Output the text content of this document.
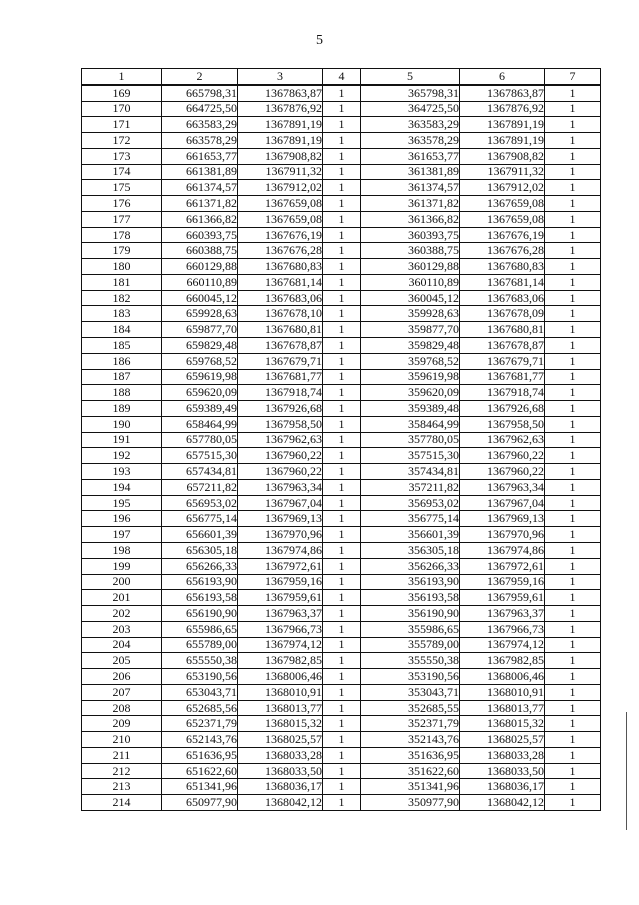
5
1	2	3	4	5	6	7
169	665798,31	1367863,87	1	365798,31	1367863,87	1
170	664725,50	1367876,92	1	364725,50	1367876,92	1
171	663583,29	1367891,19	1	363583,29	1367891,19	1
172	663578,29	1367891,19	1	363578,29	1367891,19	1
173	661653,77	1367908,82	1	361653,77	1367908,82	1
174	661381,89	1367911,32	1	361381,89	1367911,32	1
175	661374,57	1367912,02	1	361374,57	1367912,02	1
176	661371,82	1367659,08	1	361371,82	1367659,08	1
177	661366,82	1367659,08	1	361366,82	1367659,08	1
178	660393,75	1367676,19	1	360393,75	1367676,19	1
179	660388,75	1367676,28	1	360388,75	1367676,28	1
180	660129,88	1367680,83	1	360129,88	1367680,83	1
181	660110,89	1367681,14	1	360110,89	1367681,14	1
182	660045,12	1367683,06	1	360045,12	1367683,06	1
183	659928,63	1367678,10	1	359928,63	1367678,09	1
184	659877,70	1367680,81	1	359877,70	1367680,81	1
185	659829,48	1367678,87	1	359829,48	1367678,87	1
186	659768,52	1367679,71	1	359768,52	1367679,71	1
187	659619,98	1367681,77	1	359619,98	1367681,77	1
188	659620,09	1367918,74	1	359620,09	1367918,74	1
189	659389,49	1367926,68	1	359389,48	1367926,68	1
190	658464,99	1367958,50	1	358464,99	1367958,50	1
191	657780,05	1367962,63	1	357780,05	1367962,63	1
192	657515,30	1367960,22	1	357515,30	1367960,22	1
193	657434,81	1367960,22	1	357434,81	1367960,22	1
194	657211,82	1367963,34	1	357211,82	1367963,34	1
195	656953,02	1367967,04	1	356953,02	1367967,04	1
196	656775,14	1367969,13	1	356775,14	1367969,13	1
197	656601,39	1367970,96	1	356601,39	1367970,96	1
198	656305,18	1367974,86	1	356305,18	1367974,86	1
199	656266,33	1367972,61	1	356266,33	1367972,61	1
200	656193,90	1367959,16	1	356193,90	1367959,16	1
201	656193,58	1367959,61	1	356193,58	1367959,61	1
202	656190,90	1367963,37	1	356190,90	1367963,37	1
203	655986,65	1367966,73	1	355986,65	1367966,73	1
204	655789,00	1367974,12	1	355789,00	1367974,12	1
205	655550,38	1367982,85	1	355550,38	1367982,85	1
206	653190,56	1368006,46	1	353190,56	1368006,46	1
207	653043,71	1368010,91	1	353043,71	1368010,91	1
208	652685,56	1368013,77	1	352685,55	1368013,77	1
209	652371,79	1368015,32	1	352371,79	1368015,32	1
210	652143,76	1368025,57	1	352143,76	1368025,57	1
211	651636,95	1368033,28	1	351636,95	1368033,28	1
212	651622,60	1368033,50	1	351622,60	1368033,50	1
213	651341,96	1368036,17	1	351341,96	1368036,17	1
214	650977,90	1368042,12	1	350977,90	1368042,12	1
